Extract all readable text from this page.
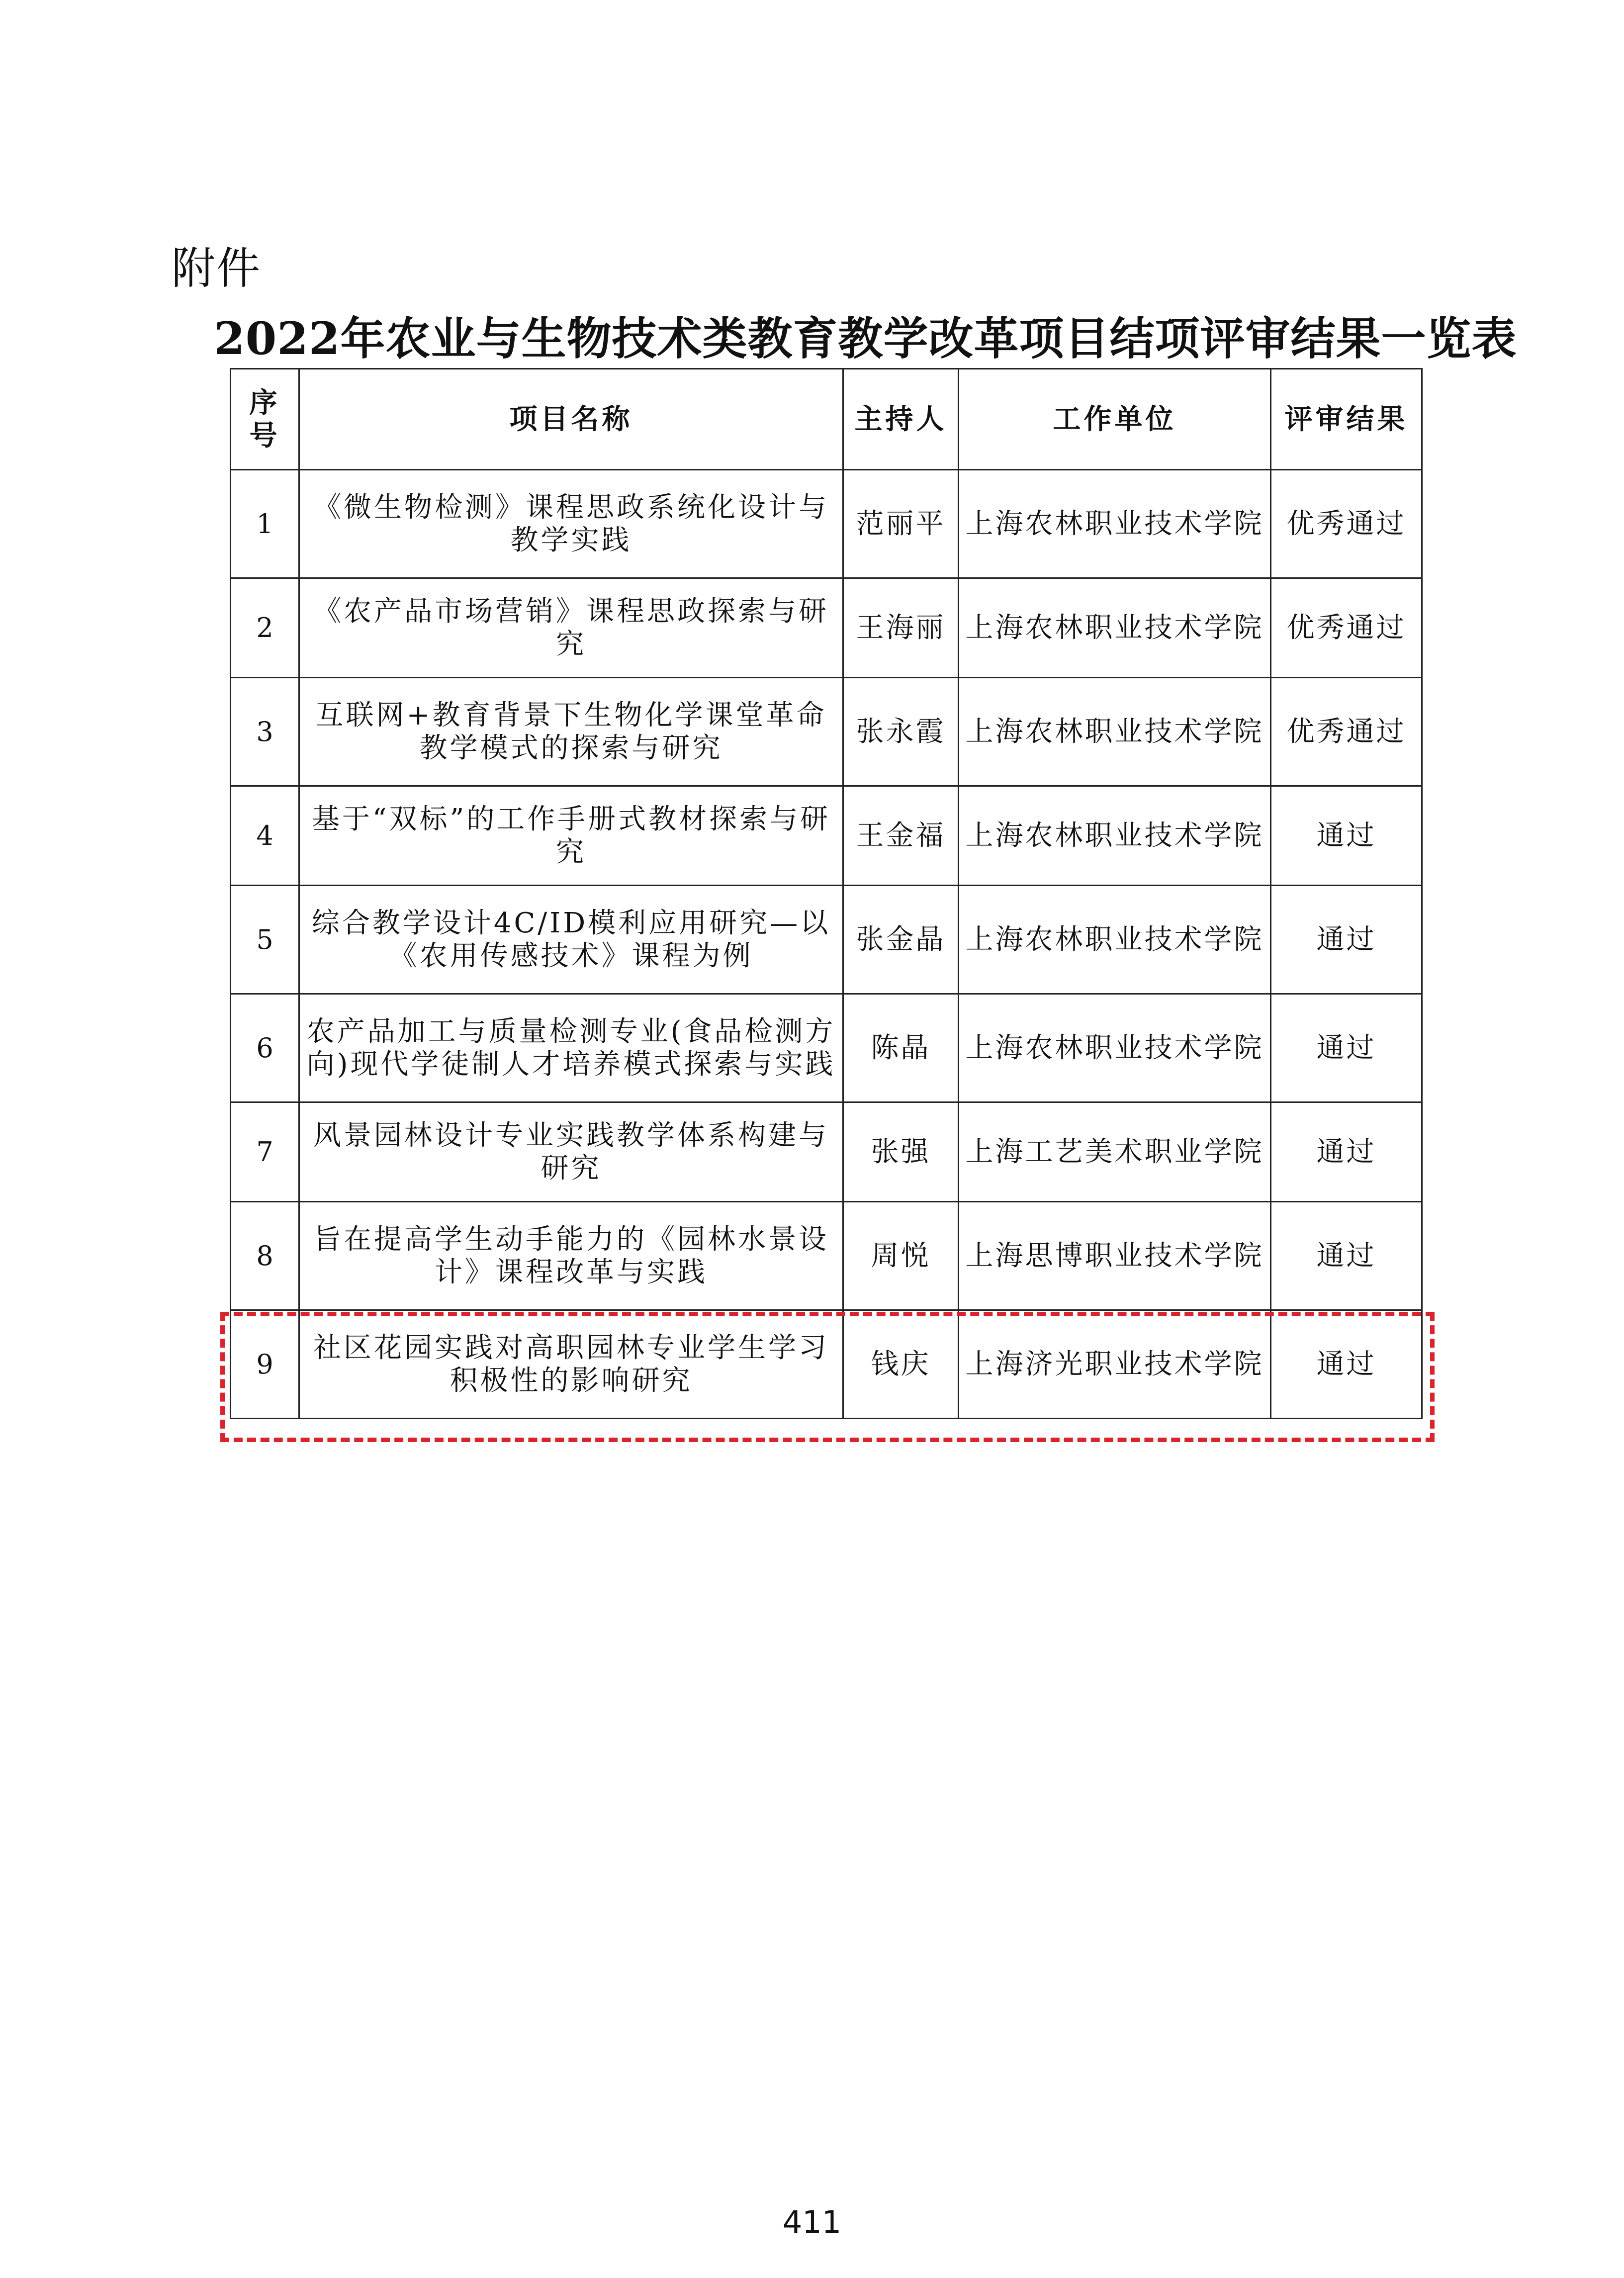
附件
2022年农业与生物技术类教育教学改革项目结项评审结果一览表
序号	项目名称	主持人	工作单位	评审结果
1	《微生物检测》课程思政系统化设计与教学实践	范丽平	上海农林职业技术学院	优秀通过
2	《农产品市场营销》课程思政探索与研究	王海丽	上海农林职业技术学院	优秀通过
3	互联网+教育背景下生物化学课堂革命教学模式的探索与研究	张永霞	上海农林职业技术学院	优秀通过
4	基于“双标”的工作手册式教材探索与研究	王金福	上海农林职业技术学院	通过
5	综合教学设计4C/ID模利应用研究—以《农用传感技术》课程为例	张金晶	上海农林职业技术学院	通过
6	农产品加工与质量检测专业(食品检测方向)现代学徒制人才培养模式探索与实践	陈晶	上海农林职业技术学院	通过
7	风景园林设计专业实践教学体系构建与研究	张强	上海工艺美术职业学院	通过
8	旨在提高学生动手能力的《园林水景设计》课程改革与实践	周悦	上海思博职业技术学院	通过
9	社区花园实践对高职园林专业学生学习积极性的影响研究	钱庆	上海济光职业技术学院	通过
411
